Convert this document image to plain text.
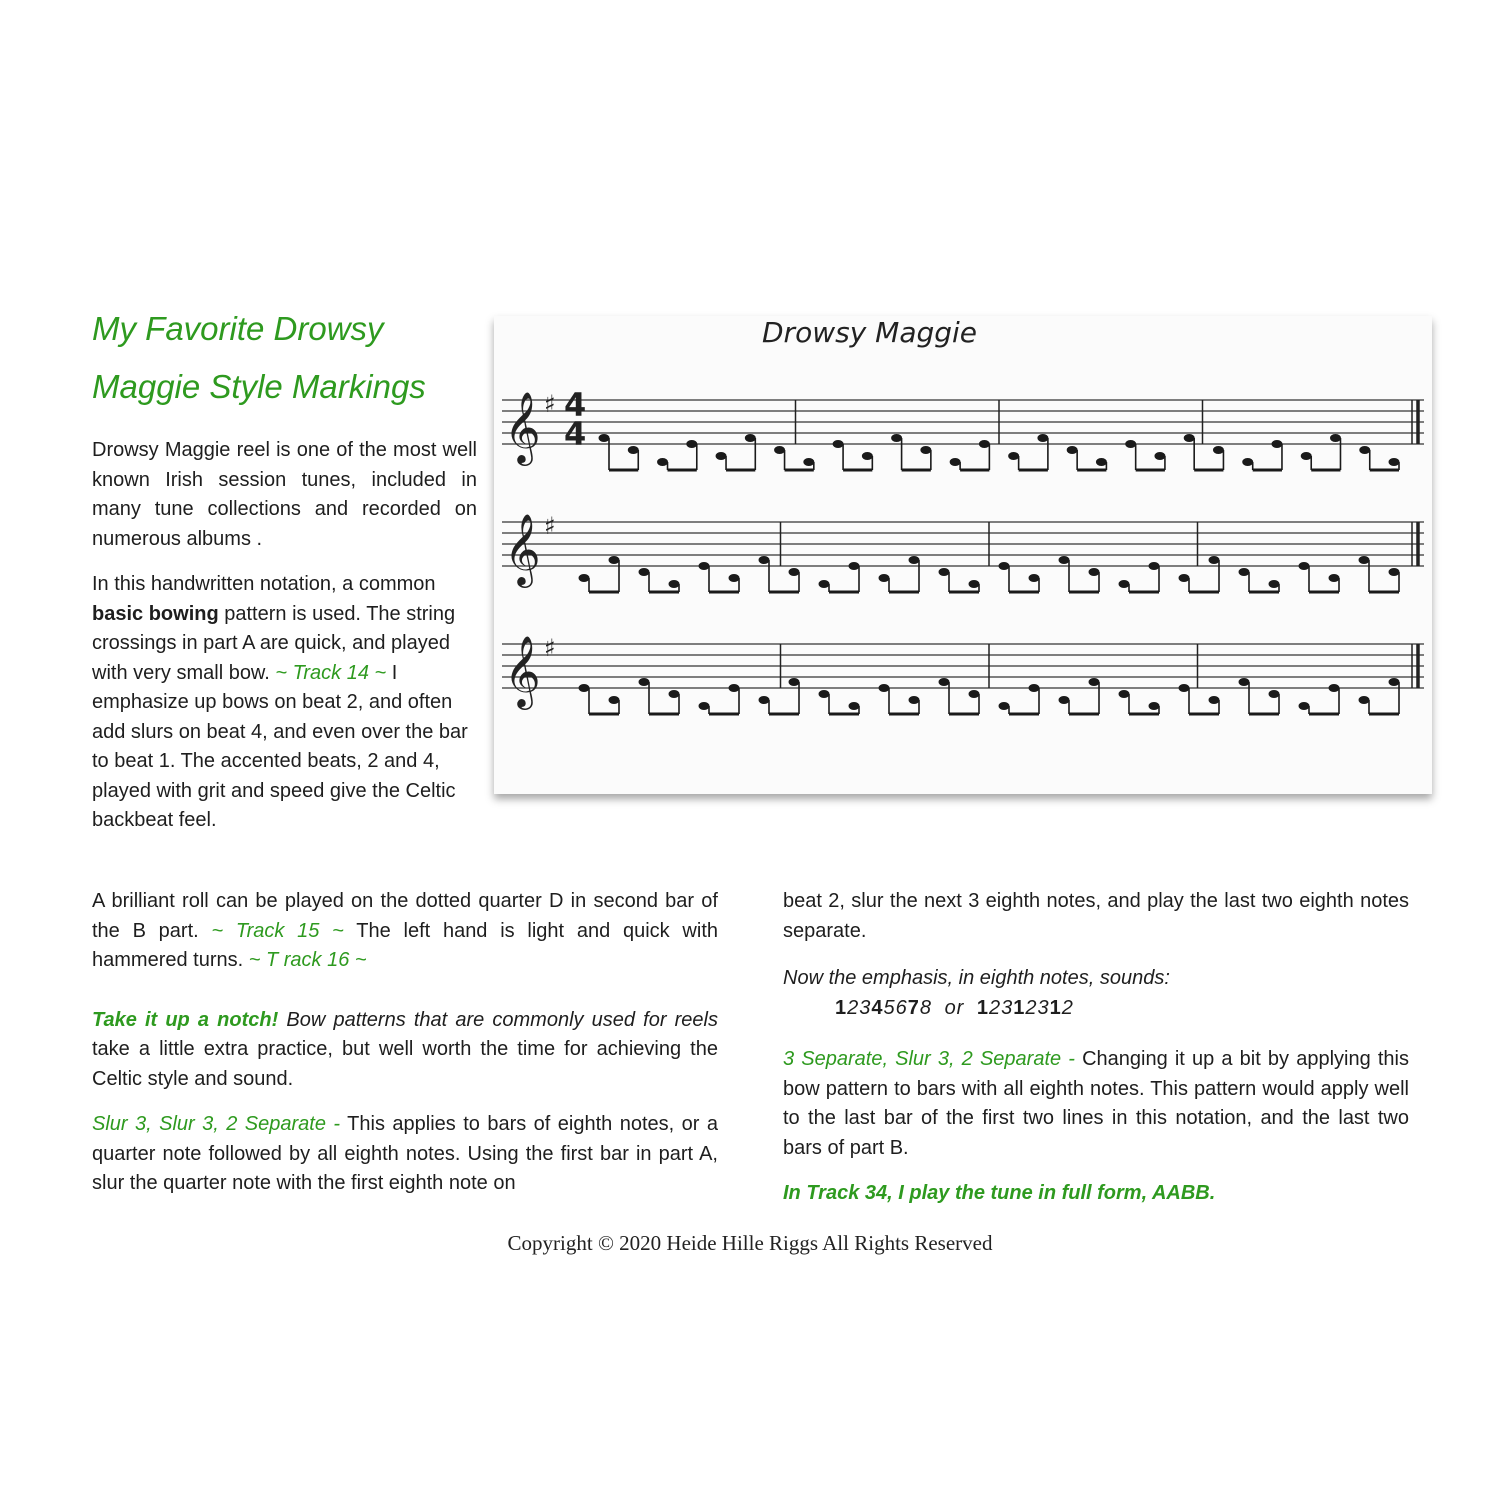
My Favorite Drowsy
Maggie Style Markings

Drowsy Maggie reel is one of the most well known Irish session tunes, included in many tune collections and recorded on numerous albums .

In this handwritten notation, a common basic bowing pattern is used. The string crossings in part A are quick, and played with very small bow. ~ Track 14 ~ I emphasize up bows on beat 2, and often add slurs on beat 4, and even over the bar to beat 1. The accented beats, 2 and 4, played with grit and speed give the Celtic backbeat feel.

Drowsy Maggie
𝄞 ♯
𝄞 ♯
𝄞 ♯
4
4

A brilliant roll can be played on the dotted quarter D in second bar of the B part. ~ Track 15 ~ The left hand is light and quick with hammered turns. ~ T rack 16 ~

Take it up a notch! Bow patterns that are commonly used for reels take a little extra practice, but well worth the time for achieving the Celtic style and sound.

Slur 3, Slur 3, 2 Separate - This applies to bars of eighth notes, or a quarter note followed by all eighth notes. Using the first bar in part A, slur the quarter note with the first eighth note on

beat 2, slur the next 3 eighth notes, and play the last two eighth notes separate.

Now the emphasis, in eighth notes, sounds:

12345678 or 12312312

3 Separate, Slur 3, 2 Separate - Changing it up a bit by applying this bow pattern to bars with all eighth notes. This pattern would apply well to the last bar of the first two lines in this notation, and the last two bars of part B.

In Track 34, I play the tune in full form, AABB.

Copyright © 2020 Heide Hille Riggs All Rights Reserved
